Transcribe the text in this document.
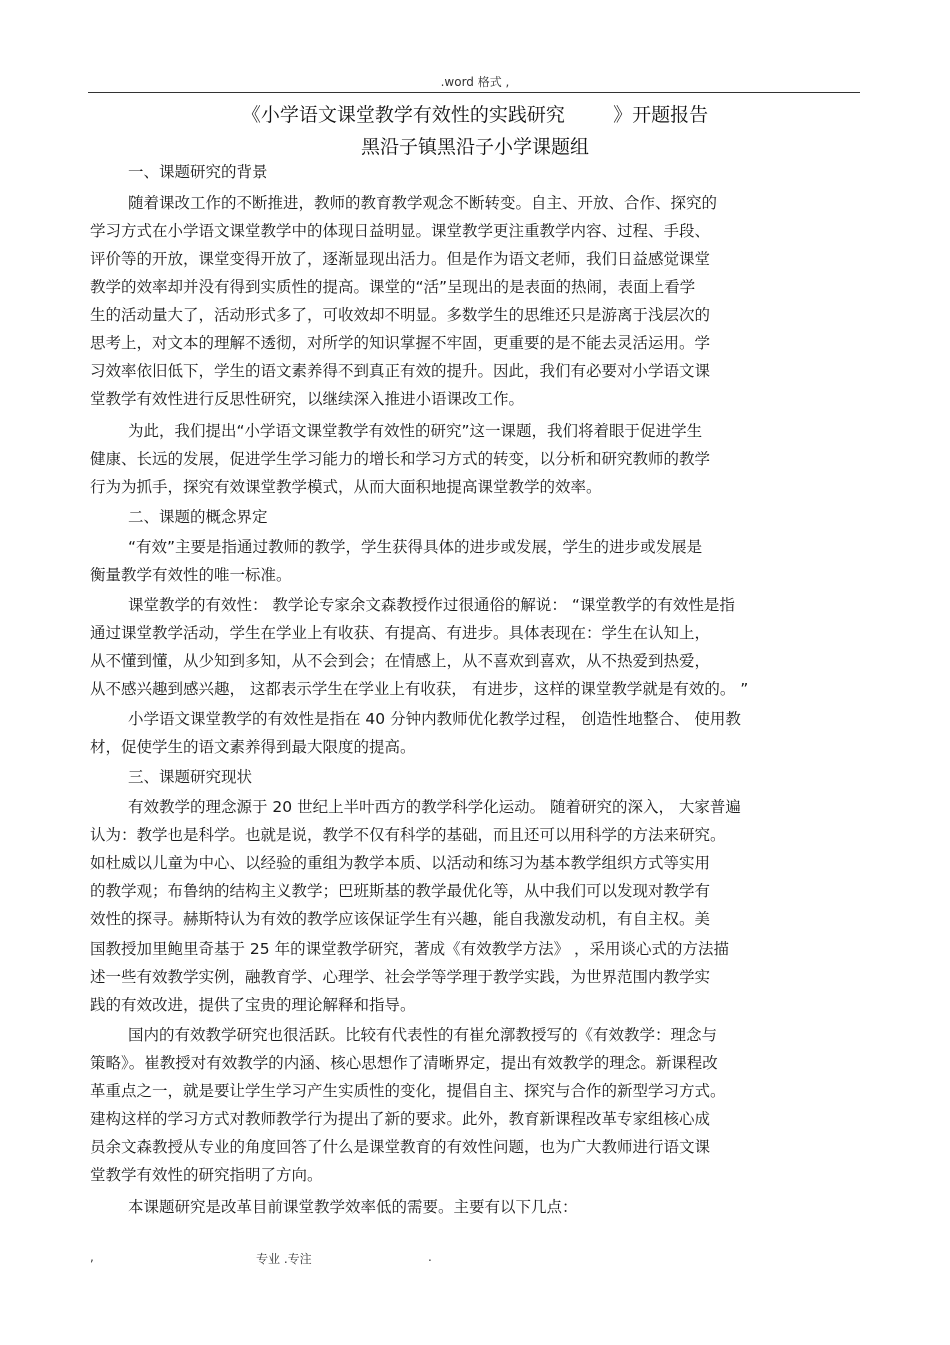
.word 格式 ,
《小学语文课堂教学有效性的实践研究        》开题报告
黑沿子镇黑沿子小学课题组
一、课题研究的背景
随着课改工作的不断推进，教师的教育教学观念不断转变。自主、开放、合作、探究的
学习方式在小学语文课堂教学中的体现日益明显。课堂教学更注重教学内容、过程、手段、
评价等的开放，课堂变得开放了，逐渐显现出活力。但是作为语文老师，我们日益感觉课堂
教学的效率却并没有得到实质性的提高。课堂的“活”呈现出的是表面的热闹，表面上看学
生的活动量大了，活动形式多了，可收效却不明显。多数学生的思维还只是游离于浅层次的
思考上，对文本的理解不透彻，对所学的知识掌握不牢固，更重要的是不能去灵活运用。学
习效率依旧低下，学生的语文素养得不到真正有效的提升。因此，我们有必要对小学语文课
堂教学有效性进行反思性研究，以继续深入推进小语课改工作。
为此，我们提出“小学语文课堂教学有效性的研究”这一课题，我们将着眼于促进学生
健康、长远的发展，促进学生学习能力的增长和学习方式的转变，以分析和研究教师的教学
行为为抓手，探究有效课堂教学模式，从而大面积地提高课堂教学的效率。
二、课题的概念界定
“有效”主要是指通过教师的教学，学生获得具体的进步或发展，学生的进步或发展是
衡量教学有效性的唯一标准。
课堂教学的有效性： 教学论专家余文森教授作过很通俗的解说： “课堂教学的有效性是指
通过课堂教学活动，学生在学业上有收获、有提高、有进步。具体表现在：学生在认知上，
从不懂到懂，从少知到多知，从不会到会；在情感上，从不喜欢到喜欢，从不热爱到热爱，
从不感兴趣到感兴趣， 这都表示学生在学业上有收获， 有进步，这样的课堂教学就是有效的。 ”
小学语文课堂教学的有效性是指在 40 分钟内教师优化教学过程， 创造性地整合、 使用教
材，促使学生的语文素养得到最大限度的提高。
三、课题研究现状
有效教学的理念源于 20 世纪上半叶西方的教学科学化运动。 随着研究的深入， 大家普遍
认为：教学也是科学。也就是说，教学不仅有科学的基础，而且还可以用科学的方法来研究。
如杜威以儿童为中心、以经验的重组为教学本质、以活动和练习为基本教学组织方式等实用
的教学观；布鲁纳的结构主义教学；巴班斯基的教学最优化等，从中我们可以发现对教学有
效性的探寻。赫斯特认为有效的教学应该保证学生有兴趣，能自我激发动机，有自主权。美
国教授加里鲍里奇基于 25 年的课堂教学研究，著成《有效教学方法》 ，采用谈心式的方法描
述一些有效教学实例，融教育学、心理学、社会学等学理于教学实践，为世界范围内教学实
践的有效改进，提供了宝贵的理论解释和指导。
国内的有效教学研究也很活跃。比较有代表性的有崔允漷教授写的《有效教学：理念与
策略》。崔教授对有效教学的内涵、核心思想作了清晰界定，提出有效教学的理念。新课程改
革重点之一，就是要让学生学习产生实质性的变化，提倡自主、探究与合作的新型学习方式。
建构这样的学习方式对教师教学行为提出了新的要求。此外，教育新课程改革专家组核心成
员余文森教授从专业的角度回答了什么是课堂教育的有效性问题，也为广大教师进行语文课
堂教学有效性的研究指明了方向。
本课题研究是改革目前课堂教学效率低的需要。主要有以下几点：
,	专业 .专注	.
